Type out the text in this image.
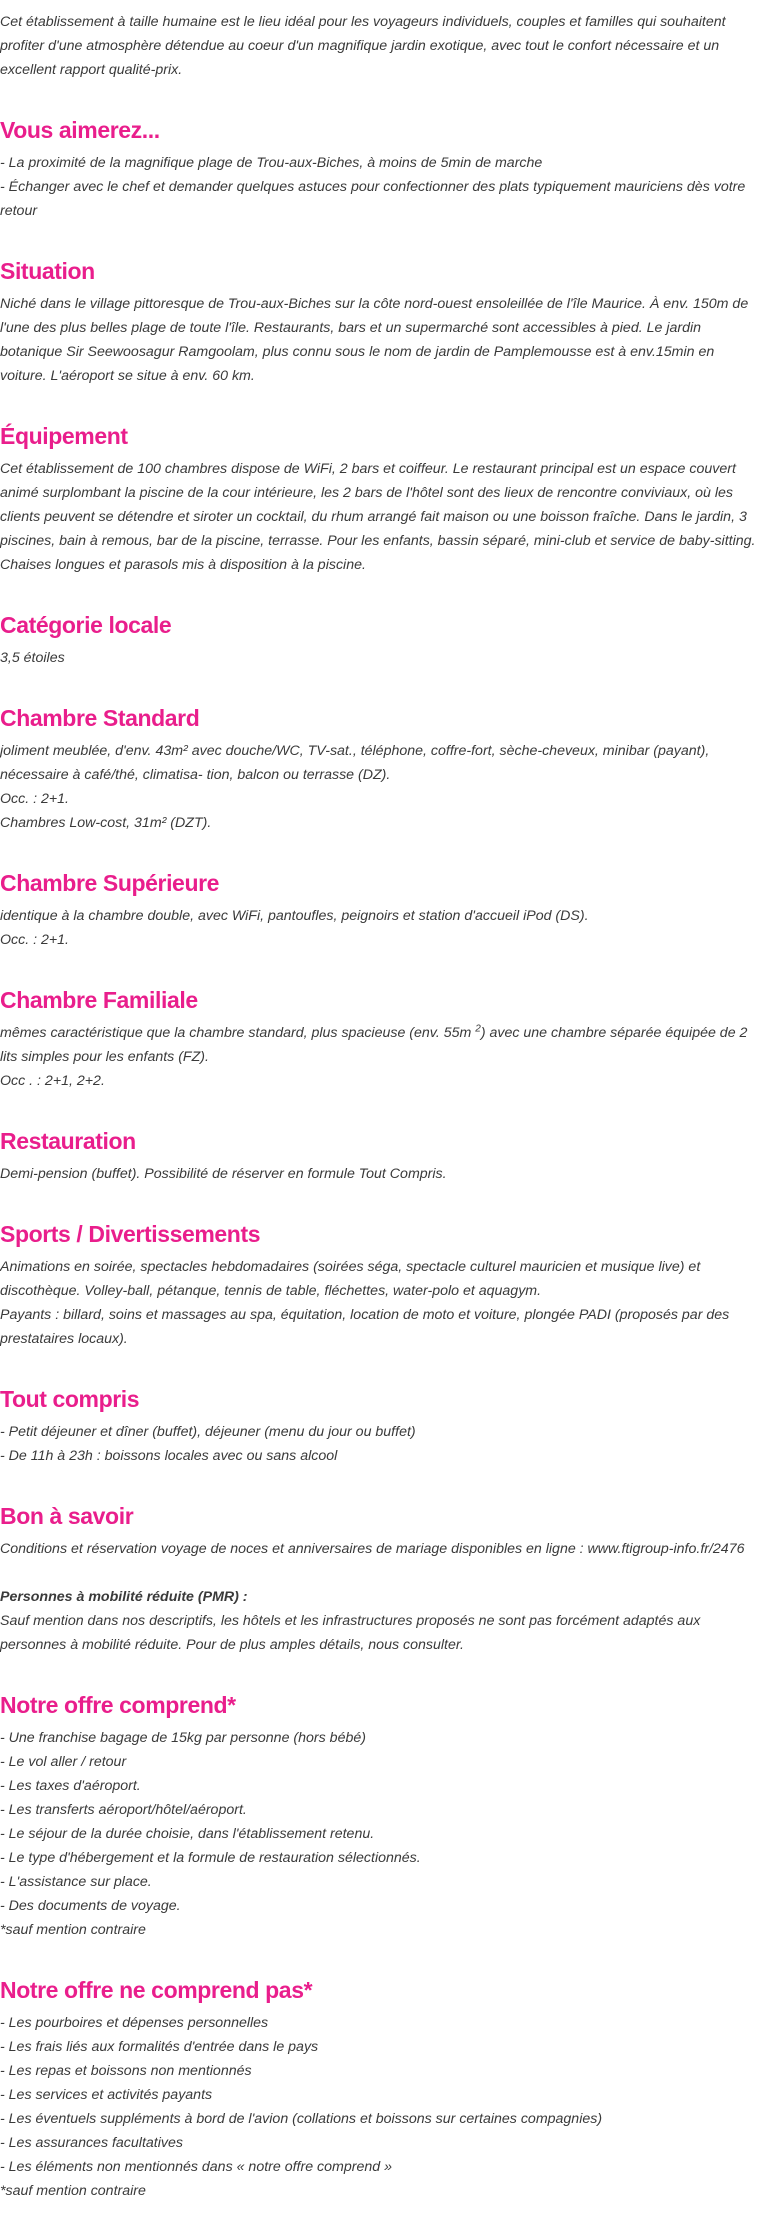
Cet établissement à taille humaine est le lieu idéal pour les voyageurs individuels, couples et familles qui souhaitent profiter d'une atmosphère détendue au coeur d'un magnifique jardin exotique, avec tout le confort nécessaire et un excellent rapport qualité-prix.

Vous aimerez...

- La proximité de la magnifique plage de Trou-aux-Biches, à moins de 5min de marche
- Échanger avec le chef et demander quelques astuces pour confectionner des plats typiquement mauriciens dès votre retour

Situation

Niché dans le village pittoresque de Trou-aux-Biches sur la côte nord-ouest ensoleillée de l'île Maurice. À env. 150m de l'une des plus belles plage de toute l'île. Restaurants, bars et un supermarché sont accessibles à pied. Le jardin botanique Sir Seewoosagur Ramgoolam, plus connu sous le nom de jardin de Pamplemousse est à env.15min en voiture. L'aéroport se situe à env. 60 km.

Équipement

Cet établissement de 100 chambres dispose de WiFi, 2 bars et coiffeur. Le restaurant principal est un espace couvert animé surplombant la piscine de la cour intérieure, les 2 bars de l'hôtel sont des lieux de rencontre conviviaux, où les clients peuvent se détendre et siroter un cocktail, du rhum arrangé fait maison ou une boisson fraîche. Dans le jardin, 3 piscines, bain à remous, bar de la piscine, terrasse. Pour les enfants, bassin séparé, mini-club et service de baby-sitting. Chaises longues et parasols mis à disposition à la piscine.

Catégorie locale

3,5 étoiles

Chambre Standard

joliment meublée, d'env. 43m² avec douche/WC, TV-sat., téléphone, coffre-fort, sèche-cheveux, minibar (payant), nécessaire à café/thé, climatisa- tion, balcon ou terrasse (DZ).
Occ. : 2+1.
Chambres Low-cost, 31m² (DZT).

Chambre Supérieure

identique à la chambre double, avec WiFi, pantoufles, peignoirs et station d'accueil iPod (DS).
Occ. : 2+1.

Chambre Familiale

mêmes caractéristique que la chambre standard, plus spacieuse (env. 55m $^2$) avec une chambre séparée équipée de 2 lits simples pour les enfants (FZ).
Occ . : 2+1, 2+2.

Restauration

Demi-pension (buffet). Possibilité de réserver en formule Tout Compris.

Sports / Divertissements

Animations en soirée, spectacles hebdomadaires (soirées séga, spectacle culturel mauricien et musique live) et discothèque. Volley-ball, pétanque, tennis de table, fléchettes, water-polo et aquagym.
Payants : billard, soins et massages au spa, équitation, location de moto et voiture, plongée PADI (proposés par des prestataires locaux).

Tout compris

- Petit déjeuner et dîner (buffet), déjeuner (menu du jour ou buffet)
- De 11h à 23h : boissons locales avec ou sans alcool

Bon à savoir

Conditions et réservation voyage de noces et anniversaires de mariage disponibles en ligne : www.ftigroup-info.fr/2476

Personnes à mobilité réduite (PMR) :
Sauf mention dans nos descriptifs, les hôtels et les infrastructures proposés ne sont pas forcément adaptés aux personnes à mobilité réduite. Pour de plus amples détails, nous consulter.

Notre offre comprend*

- Une franchise bagage de 15kg par personne (hors bébé)
- Le vol aller / retour
- Les taxes d'aéroport.
- Les transferts aéroport/hôtel/aéroport.
- Le séjour de la durée choisie, dans l'établissement retenu.
- Le type d'hébergement et la formule de restauration sélectionnés.
- L'assistance sur place.
- Des documents de voyage.
*sauf mention contraire

Notre offre ne comprend pas*

- Les pourboires et dépenses personnelles
- Les frais liés aux formalités d'entrée dans le pays
- Les repas et boissons non mentionnés
- Les services et activités payants
- Les éventuels suppléments à bord de l'avion (collations et boissons sur certaines compagnies)
- Les assurances facultatives
- Les éléments non mentionnés dans « notre offre comprend »
*sauf mention contraire
